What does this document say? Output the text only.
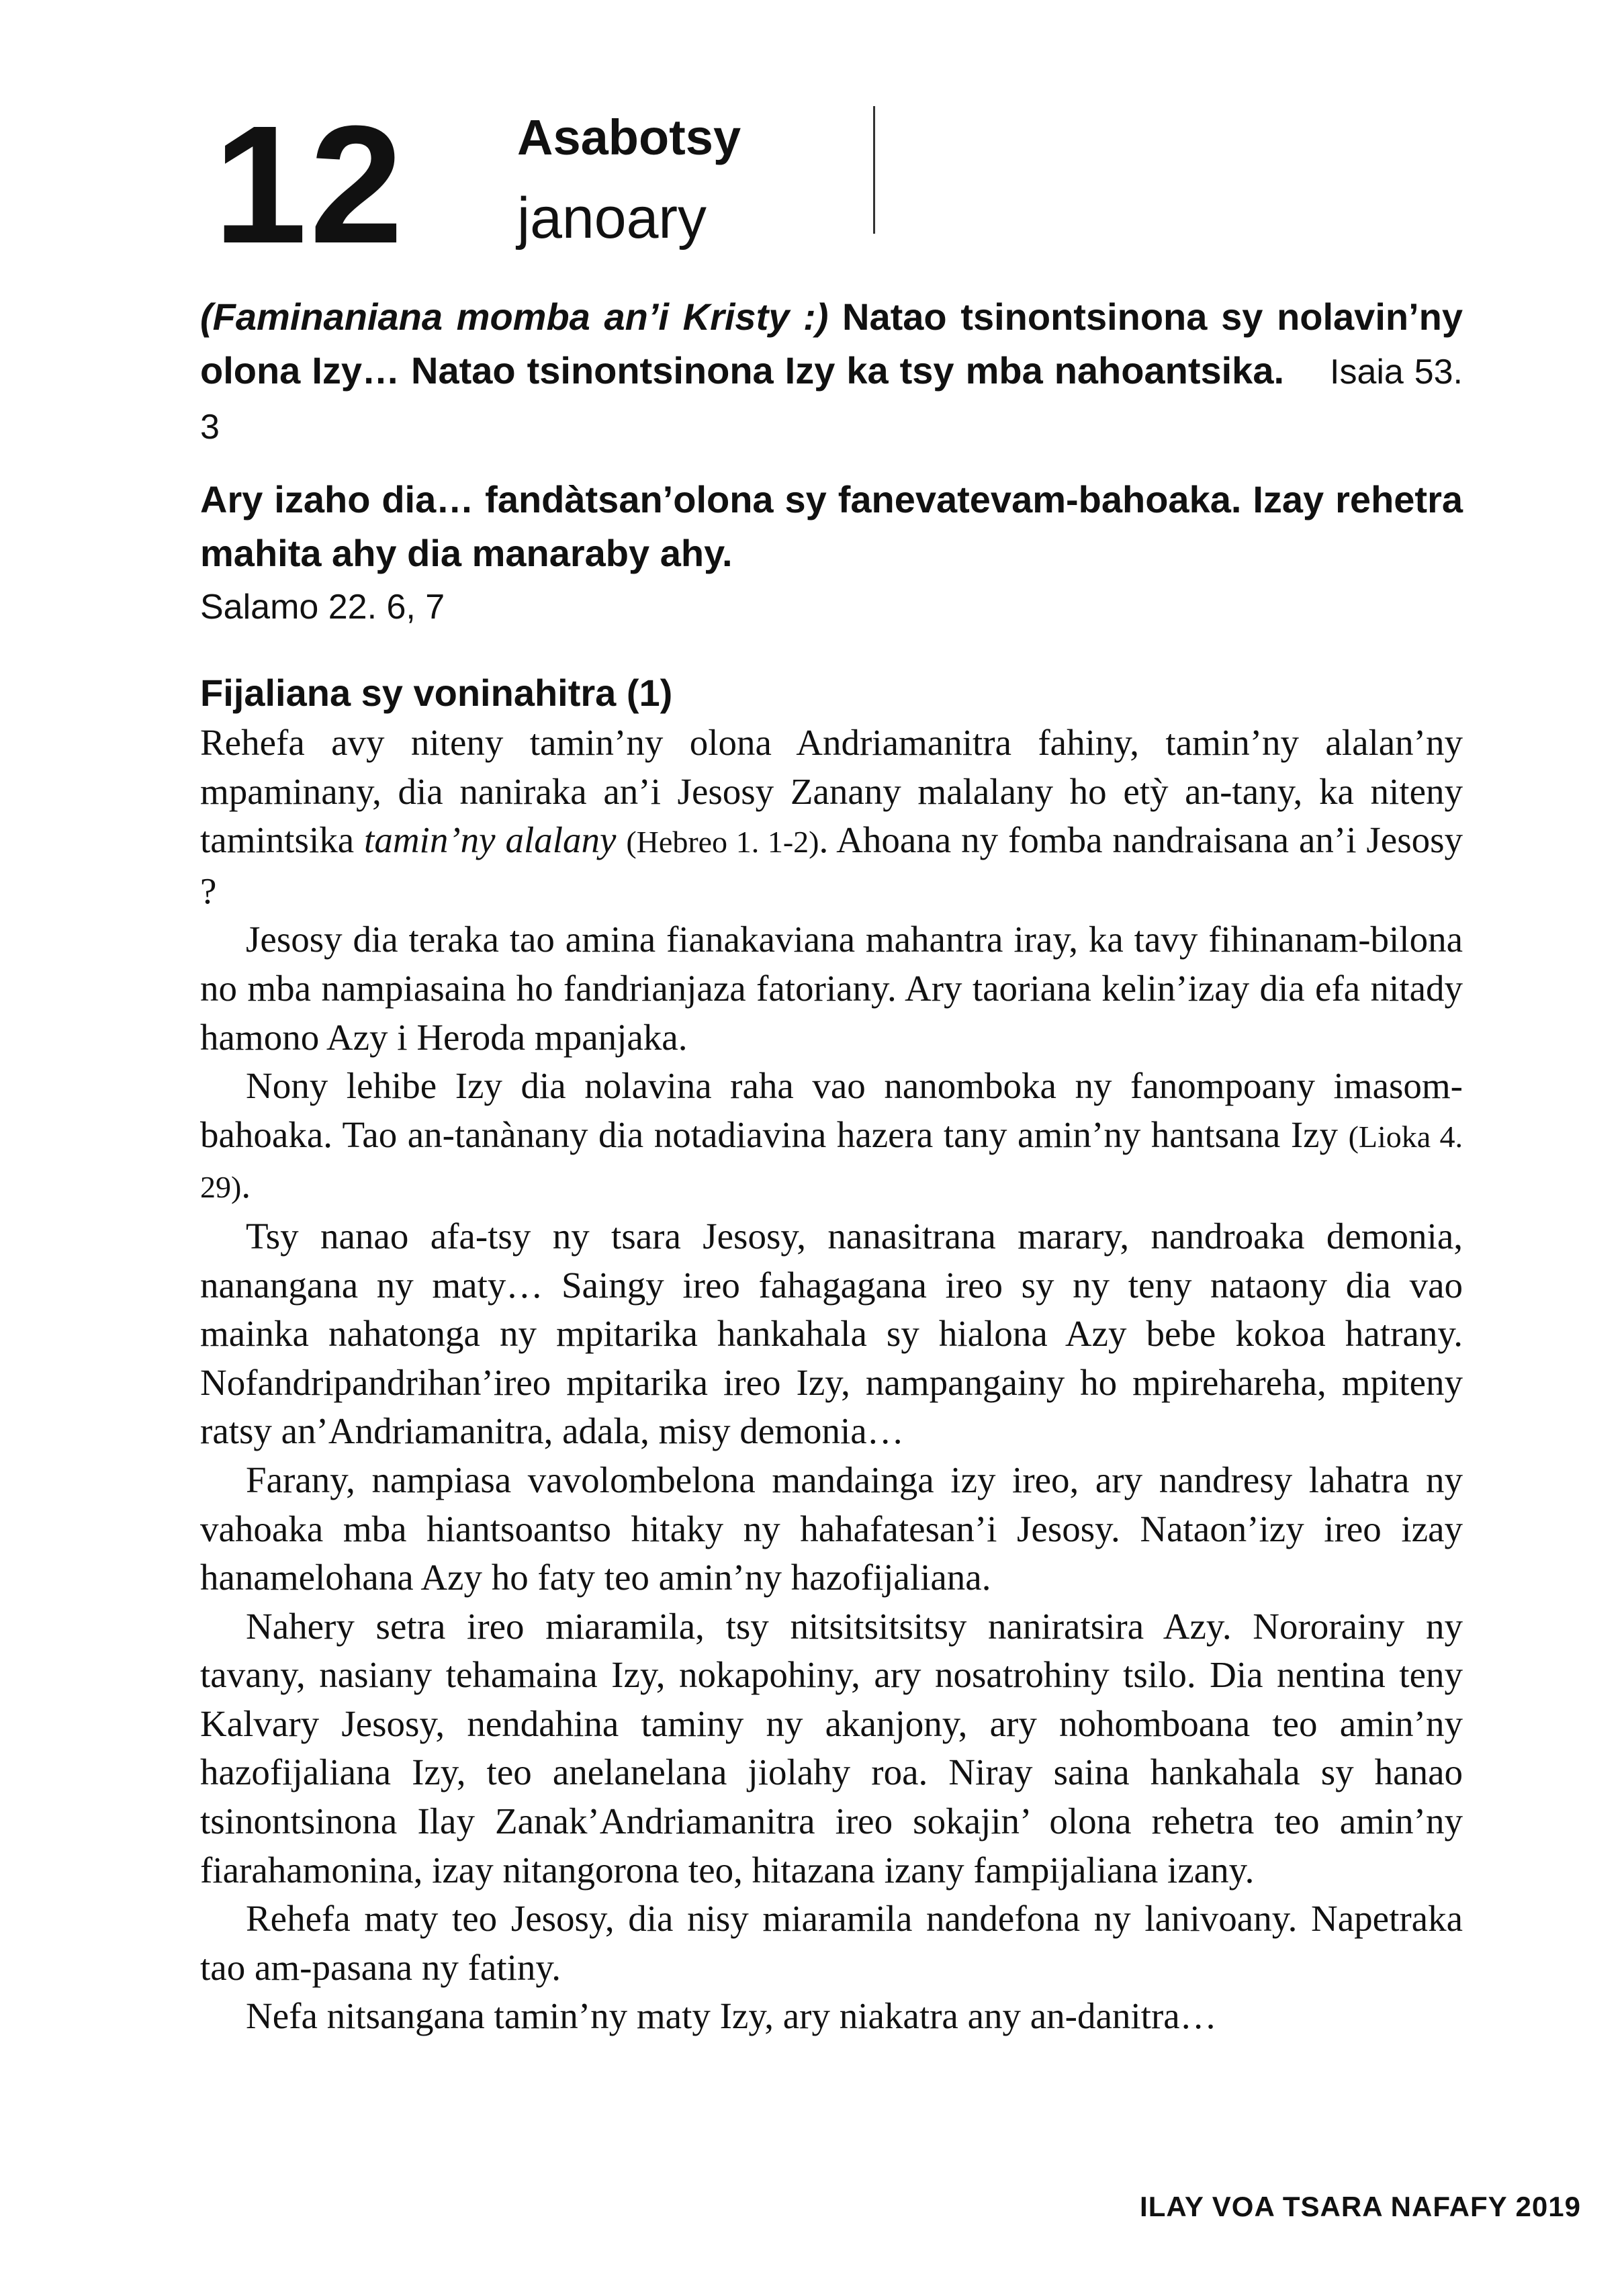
12 Asabotsy
janoary

(Faminaniana momba an’i Kristy :) Natao tsinontsinona sy nolavin’ny olona Izy… Natao tsinontsinona Izy ka tsy mba nahoantsika. Isaia 53. 3

Ary izaho dia… fandàtsan’olona sy fanevatevam-bahoaka. Izay rehetra mahita ahy dia manaraby ahy.
Salamo 22. 6, 7

Fijaliana sy voninahitra (1)

Rehefa avy niteny tamin’ny olona Andriamanitra fahiny, tamin’ny alalan’ny mpaminany, dia naniraka an’i Jesosy Zanany malalany ho etỳ an-tany, ka niteny tamintsika tamin’ny alalany (Hebreo 1. 1-2). Ahoana ny fomba nandraisana an’i Jesosy ?

Jesosy dia teraka tao amina fianakaviana mahantra iray, ka tavy fihinanam-bilona no mba nampiasaina ho fandrianjaza fatoriany. Ary taoriana kelin’izay dia efa nitady hamono Azy i Heroda mpanjaka.

Nony lehibe Izy dia nolavina raha vao nanomboka ny fanompoany imasom-bahoaka. Tao an-tanànany dia notadiavina hazera tany amin’ny hantsana Izy (Lioka 4. 29).

Tsy nanao afa-tsy ny tsara Jesosy, nanasitrana marary, nandroaka demonia, nanangana ny maty… Saingy ireo fahagagana ireo sy ny teny nataony dia vao mainka nahatonga ny mpitarika hankahala sy hialona Azy bebe kokoa hatrany. Nofandripandrihan’ireo mpitarika ireo Izy, nampangainy ho mpireharehа, mpiteny ratsy an’Andriamanitra, adala, misy demonia…

Farany, nampiasa vavolombelona mandainga izy ireo, ary nandresy lahatra ny vahoaka mba hiantsoantso hitaky ny hahafatesan’i Jesosy. Nataon’izy ireo izay hanamelohana Azy ho faty teo amin’ny hazofijaliana.

Nahery setra ireo miaramila, tsy nitsitsitsitsy naniratsira Azy. Nororainy ny tavany, nasiany tehamaina Izy, nokapohiny, ary nosatrohiny tsilo. Dia nentina teny Kalvary Jesosy, nendahina taminy ny akanjony, ary nohomboana teo amin’ny hazofijaliana Izy, teo anelanelana jiolahy roa. Niray saina hankahala sy hanao tsinontsinona Ilay Zanak’Andriamanitra ireo sokajin’ olona rehetra teo amin’ny fiarahamonina, izay nitangorona teo, hitazana izany fampijaliana izany.

Rehefa maty teo Jesosy, dia nisy miaramila nandefona ny lanivoany. Napetraka tao am-pasana ny fatiny.

Nefa nitsangana tamin’ny maty Izy, ary niakatra any an-danitra…

ILAY VOA TSARA NAFAFY 2019
